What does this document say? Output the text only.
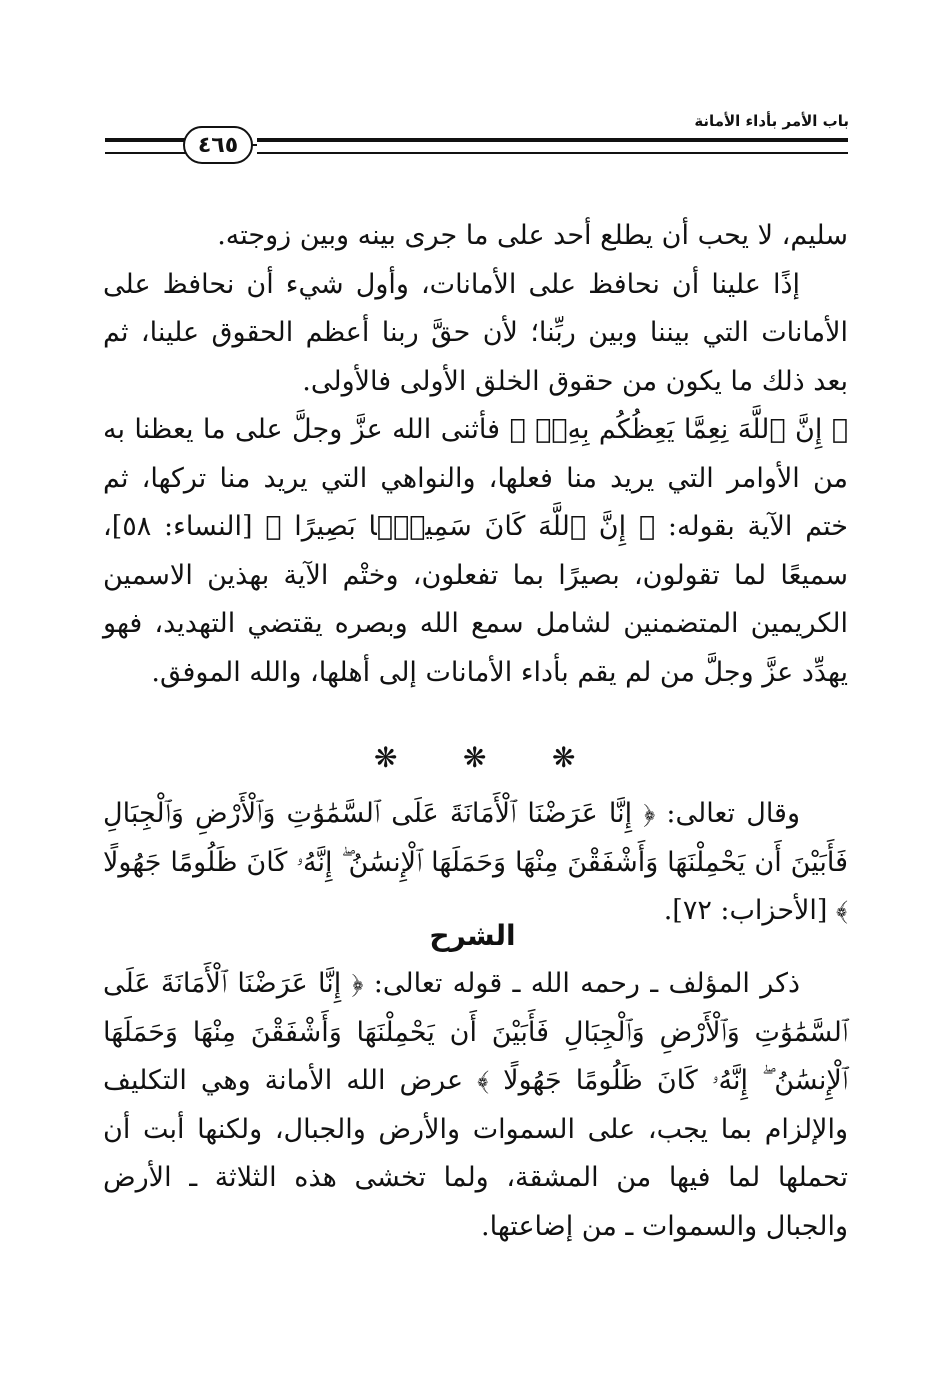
باب الأمر بأداء الأمانة
٤٦٥

سليم، لا يحب أن يطلع أحد على ما جرى بينه وبين زوجته.

إذًا علينا أن نحافظ على الأمانات، وأول شيء أن نحافظ على الأمانات التي بيننا وبين ربِّنا؛ لأن حقَّ ربنا أعظم الحقوق علينا، ثم بعد ذلك ما يكون من حقوق الخلق الأولى فالأولى.

﴿ إِنَّ ٱللَّهَ نِعِمَّا يَعِظُكُم بِهِۦٓ ﴾ فأثنى الله عزَّ وجلَّ على ما يعظنا به من الأوامر التي يريد منا فعلها، والنواهي التي يريد منا تركها، ثم ختم الآية بقوله: ﴿ إِنَّ ٱللَّهَ كَانَ سَمِيعًۢا بَصِيرًا ﴾ [النساء: ٥٨]، سميعًا لما تقولون، بصيرًا بما تفعلون، وختْم الآية بهذين الاسمين الكريمين المتضمنين لشامل سمع الله وبصره يقتضي التهديد، فهو يهدِّد عزَّ وجلَّ من لم يقم بأداء الأمانات إلى أهلها، والله الموفق.

❋ ❋ ❋

وقال تعالى: ﴿ إِنَّا عَرَضْنَا ٱلْأَمَانَةَ عَلَى ٱلسَّمَٰوَٰتِ وَٱلْأَرْضِ وَٱلْجِبَالِ فَأَبَيْنَ أَن يَحْمِلْنَهَا وَأَشْفَقْنَ مِنْهَا وَحَمَلَهَا ٱلْإِنسَٰنُ ۖ إِنَّهُۥ كَانَ ظَلُومًا جَهُولًا ﴾ [الأحزاب: ٧٢].

الشرح

ذكر المؤلف ـ رحمه الله ـ قوله تعالى: ﴿ إِنَّا عَرَضْنَا ٱلْأَمَانَةَ عَلَى ٱلسَّمَٰوَٰتِ وَٱلْأَرْضِ وَٱلْجِبَالِ فَأَبَيْنَ أَن يَحْمِلْنَهَا وَأَشْفَقْنَ مِنْهَا وَحَمَلَهَا ٱلْإِنسَٰنُ ۖ إِنَّهُۥ كَانَ ظَلُومًا جَهُولًا ﴾ عرض الله الأمانة وهي التكليف والإلزام بما يجب، على السموات والأرض والجبال، ولكنها أبت أن تحملها لما فيها من المشقة، ولما تخشى هذه الثلاثة ـ الأرض والجبال والسموات ـ من إضاعتها.
